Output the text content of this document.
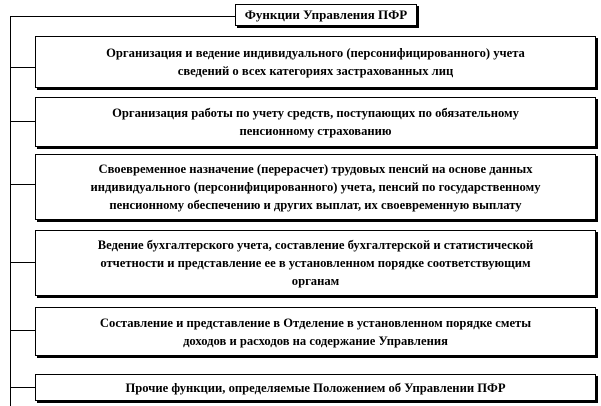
Функции Управления ПФР
Организация и ведение индивидуального (персонифицированного) учета
сведений о всех категориях застрахованных лиц
Организация работы по учету средств, поступающих по обязательному
пенсионному страхованию
Своевременное назначение (перерасчет) трудовых пенсий на основе данных
индивидуального (персонифицированного) учета, пенсий по государственному
пенсионному обеспечению и других выплат, их своевременную выплату
Ведение бухгалтерского учета, составление бухгалтерской и статистической
отчетности и представление ее в установленном порядке соответствующим
органам
Составление и представление в Отделение в установленном порядке сметы
доходов и расходов на содержание Управления
Прочие функции, определяемые Положением об Управлении ПФР
